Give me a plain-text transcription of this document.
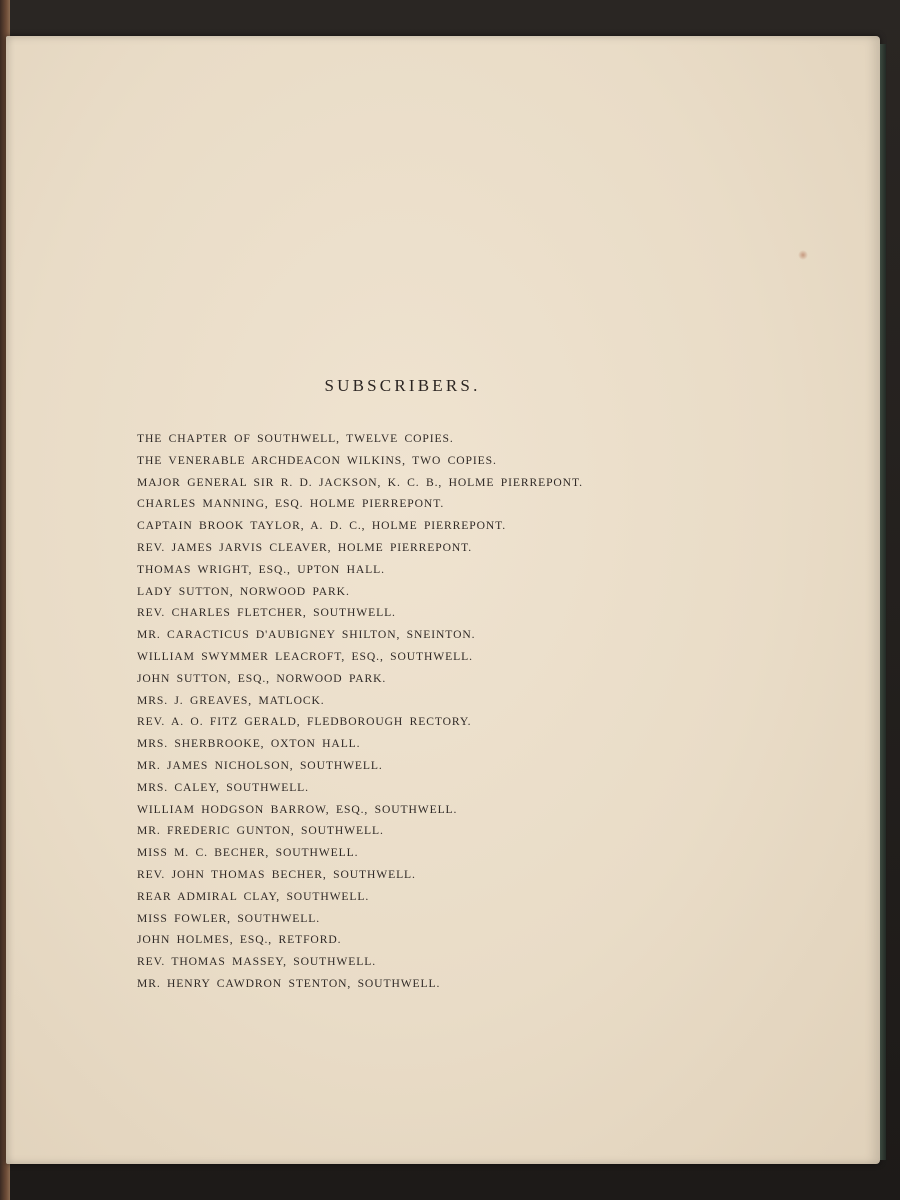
SUBSCRIBERS.
THE CHAPTER OF SOUTHWELL, TWELVE COPIES.
THE VENERABLE ARCHDEACON WILKINS, TWO COPIES.
MAJOR GENERAL SIR R. D. JACKSON, K. C. B., HOLME PIERREPONT.
CHARLES MANNING, ESQ. HOLME PIERREPONT.
CAPTAIN BROOK TAYLOR, A. D. C., HOLME PIERREPONT.
REV. JAMES JARVIS CLEAVER, HOLME PIERREPONT.
THOMAS WRIGHT, ESQ., UPTON HALL.
LADY SUTTON, NORWOOD PARK.
REV. CHARLES FLETCHER, SOUTHWELL.
MR. CARACTICUS D'AUBIGNEY SHILTON, SNEINTON.
WILLIAM SWYMMER LEACROFT, ESQ., SOUTHWELL.
JOHN SUTTON, ESQ., NORWOOD PARK.
MRS. J. GREAVES, MATLOCK.
REV. A. O. FITZ GERALD, FLEDBOROUGH RECTORY.
MRS. SHERBROOKE, OXTON HALL.
MR. JAMES NICHOLSON, SOUTHWELL.
MRS. CALEY, SOUTHWELL.
WILLIAM HODGSON BARROW, ESQ., SOUTHWELL.
MR. FREDERIC GUNTON, SOUTHWELL.
MISS M. C. BECHER, SOUTHWELL.
REV. JOHN THOMAS BECHER, SOUTHWELL.
REAR ADMIRAL CLAY, SOUTHWELL.
MISS FOWLER, SOUTHWELL.
JOHN HOLMES, ESQ., RETFORD.
REV. THOMAS MASSEY, SOUTHWELL.
MR. HENRY CAWDRON STENTON, SOUTHWELL.
